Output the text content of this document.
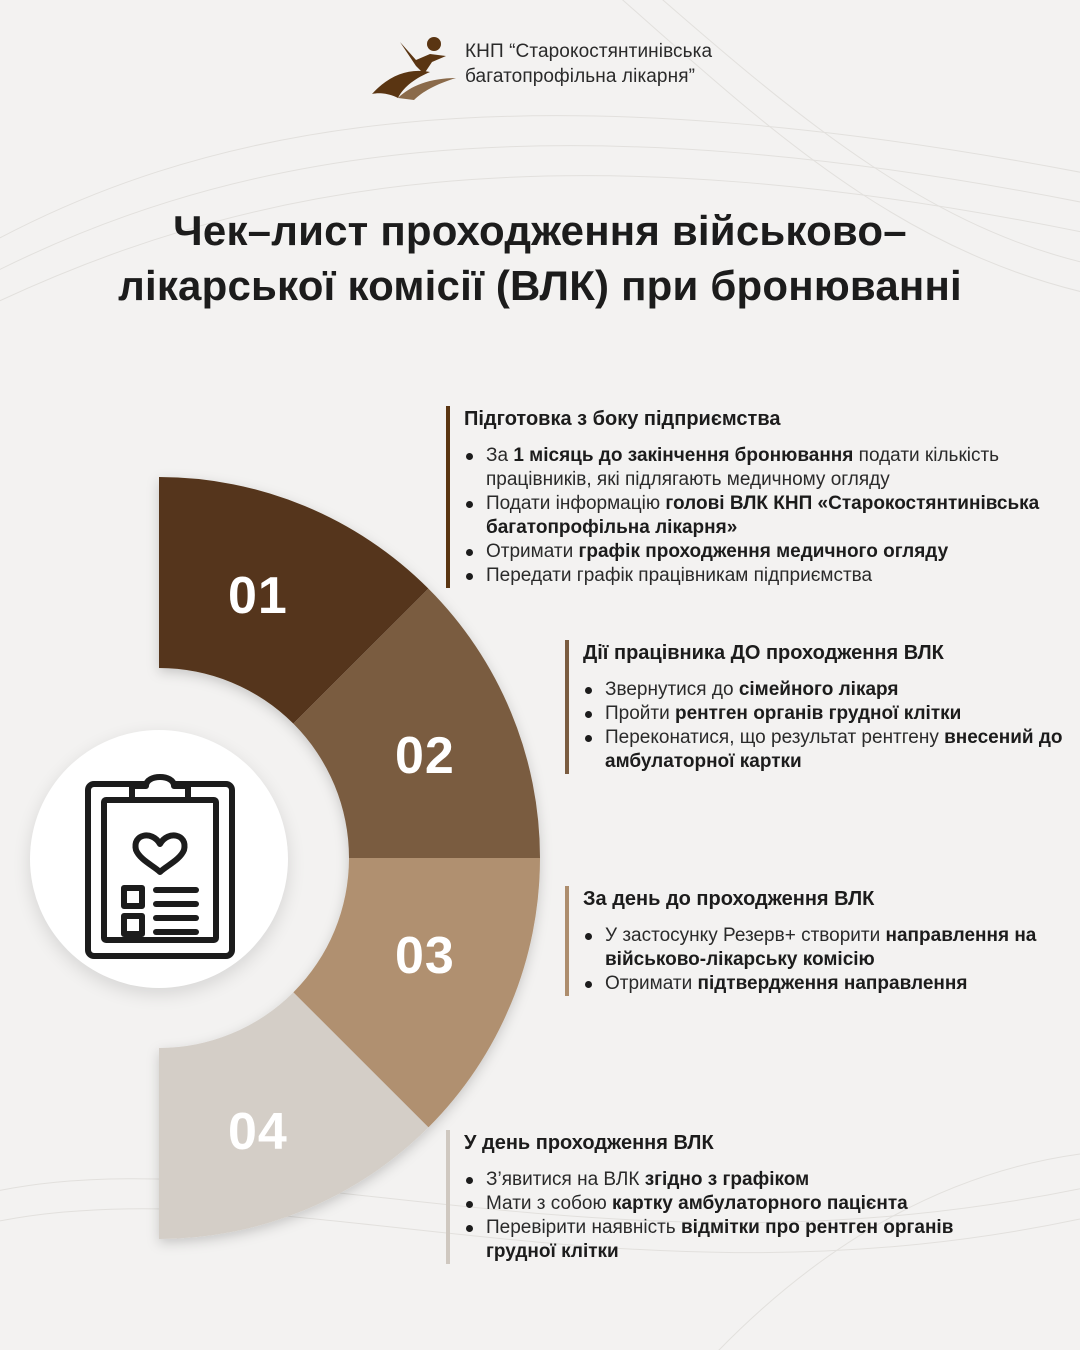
КНП “Старокостянтинівська
багатопрофільна лікарня”
Чек–лист проходження військово–
лікарської комісії (ВЛК) при бронюванні
01
02
03
04
Підготовка з боку підприємства
За 1 місяць до закінчення бронювання подати кількість працівників, які підлягають медичному огляду
Подати інформацію голові ВЛК КНП «Старокостянтинівська багатопрофільна лікарня»
Отримати графік проходження медичного огляду
Передати графік працівникам підприємства
Дії працівника ДО проходження ВЛК
Звернутися до сімейного лікаря
Пройти рентген органів грудної клітки
Переконатися, що результат рентгену внесений до амбулаторної картки
За день до проходження ВЛК
У застосунку Резерв+ створити направлення на військово-лікарську комісію
Отримати підтвердження направлення
У день проходження ВЛК
З’явитися на ВЛК згідно з графіком
Мати з собою картку амбулаторного пацієнта
Перевірити наявність відмітки про рентген органів грудної клітки
